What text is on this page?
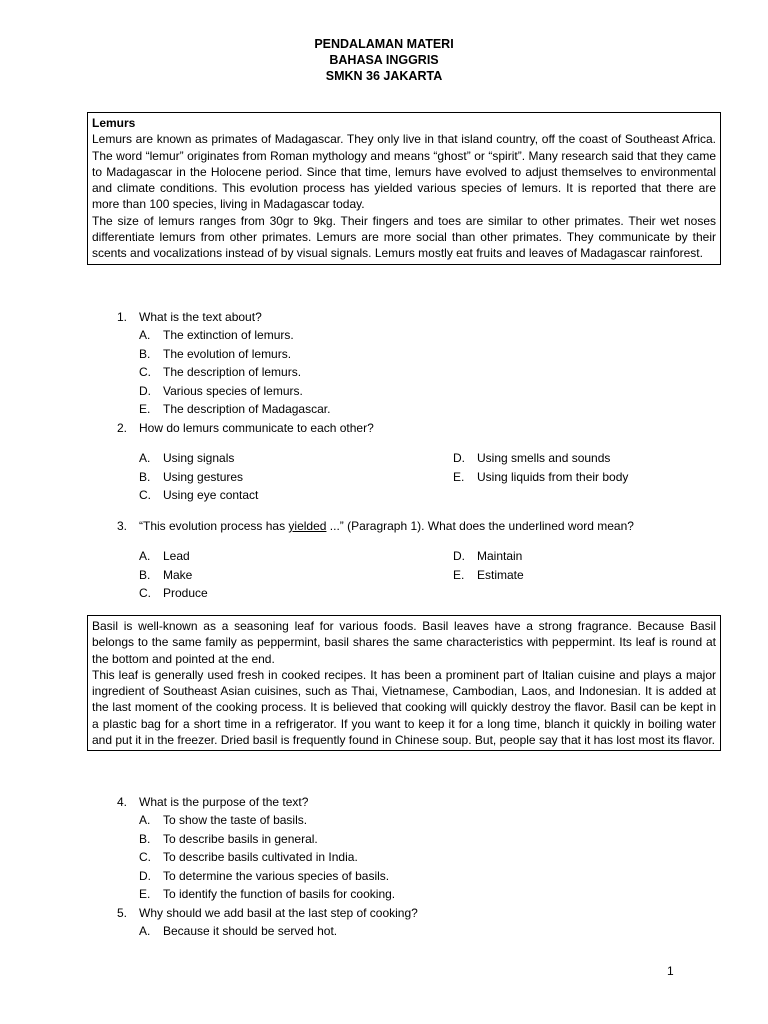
PENDALAMAN MATERI
BAHASA INGGRIS
SMKN 36 JAKARTA

Lemurs

Lemurs are known as primates of Madagascar. They only live in that island country, off the coast of Southeast Africa. The word “lemur” originates from Roman mythology and means “ghost” or “spirit”. Many research said that they came to Madagascar in the Holocene period. Since that time, lemurs have evolved to adjust themselves to environmental and climate conditions. This evolution process has yielded various species of lemurs. It is reported that there are more than 100 species, living in Madagascar today.

The size of lemurs ranges from 30gr to 9kg. Their fingers and toes are similar to other primates. Their wet noses differentiate lemurs from other primates. Lemurs are more social than other primates. They communicate by their scents and vocalizations instead of by visual signals. Lemurs mostly eat fruits and leaves of Madagascar rainforest.

1. What is the text about?
A. The extinction of lemurs.
B. The evolution of lemurs.
C. The description of lemurs.
D. Various species of lemurs.
E. The description of Madagascar.
2. How do lemurs communicate to each other?
A. Using signals
B. Using gestures
C. Using eye contact
D. Using smells and sounds
E. Using liquids from their body
3. “This evolution process has yielded ...” (Paragraph 1). What does the underlined word mean?
A. Lead
B. Make
C. Produce
D. Maintain
E. Estimate

Basil is well-known as a seasoning leaf for various foods. Basil leaves have a strong fragrance. Because Basil belongs to the same family as peppermint, basil shares the same characteristics with peppermint. Its leaf is round at the bottom and pointed at the end.

This leaf is generally used fresh in cooked recipes. It has been a prominent part of Italian cuisine and plays a major ingredient of Southeast Asian cuisines, such as Thai, Vietnamese, Cambodian, Laos, and Indonesian. It is added at the last moment of the cooking process. It is believed that cooking will quickly destroy the flavor. Basil can be kept in a plastic bag for a short time in a refrigerator. If you want to keep it for a long time, blanch it quickly in boiling water and put it in the freezer. Dried basil is frequently found in Chinese soup. But, people say that it has lost most its flavor.

4. What is the purpose of the text?
A. To show the taste of basils.
B. To describe basils in general.
C. To describe basils cultivated in India.
D. To determine the various species of basils.
E. To identify the function of basils for cooking.
5. Why should we add basil at the last step of cooking?
A. Because it should be served hot.
1
